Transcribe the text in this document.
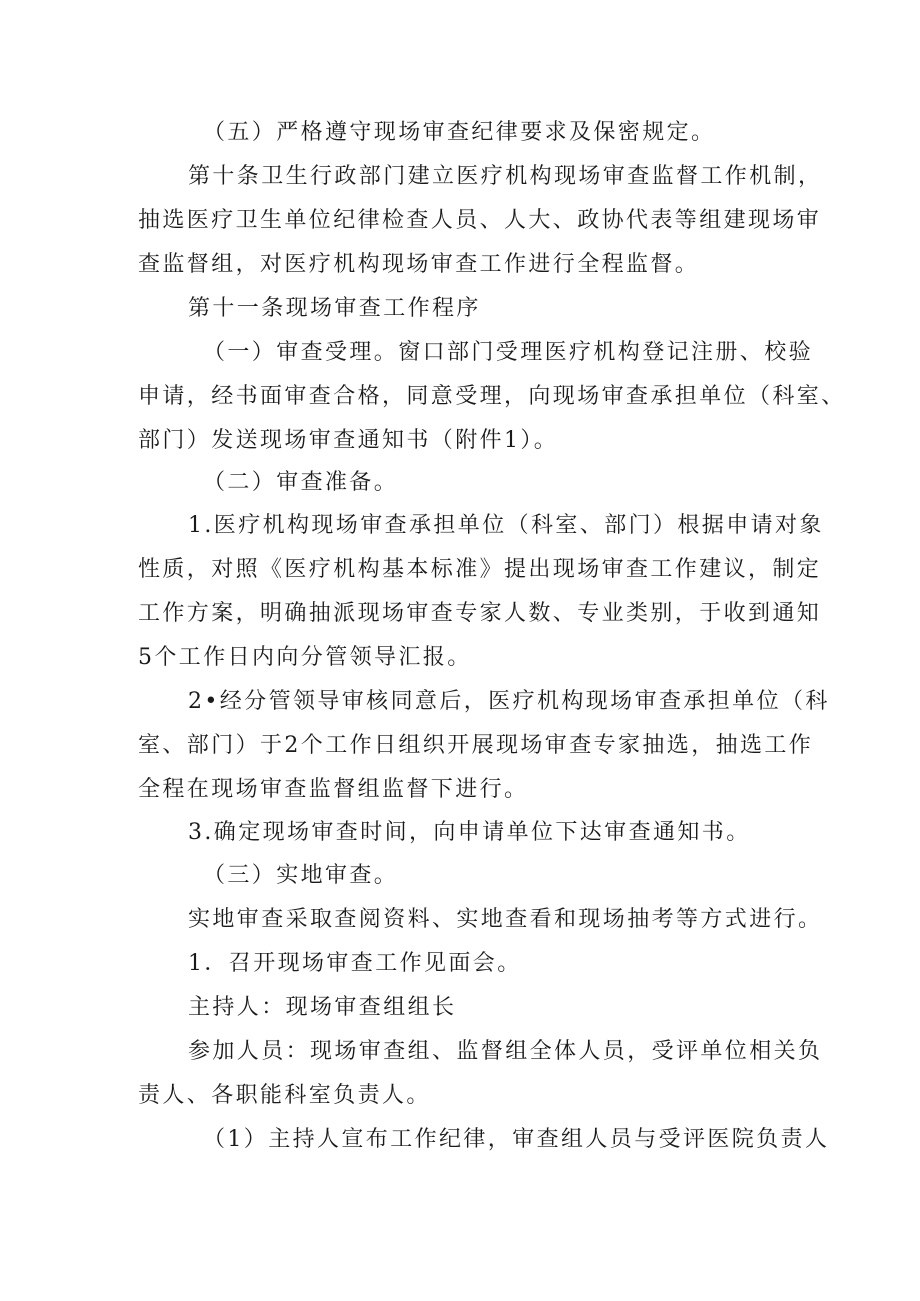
（五）严格遵守现场审查纪律要求及保密规定。
第十条卫生行政部门建立医疗机构现场审查监督工作机制，
抽选医疗卫生单位纪律检查人员、人大、政协代表等组建现场审
查监督组，对医疗机构现场审查工作进行全程监督。
第十一条现场审查工作程序
（一）审查受理。窗口部门受理医疗机构登记注册、校验
申请，经书面审查合格，同意受理，向现场审查承担单位（科室、
部门）发送现场审查通知书（附件1）。
（二）审查准备。
1.医疗机构现场审查承担单位（科室、部门）根据申请对象
性质，对照《医疗机构基本标准》提出现场审查工作建议，制定
工作方案，明确抽派现场审查专家人数、专业类别，于收到通知
5个工作日内向分管领导汇报。
2•经分管领导审核同意后，医疗机构现场审查承担单位（科
室、部门）于2个工作日组织开展现场审查专家抽选，抽选工作
全程在现场审查监督组监督下进行。
3.确定现场审查时间，向申请单位下达审查通知书。
（三）实地审查。
实地审查采取查阅资料、实地查看和现场抽考等方式进行。
1．召开现场审查工作见面会。
主持人：现场审查组组长
参加人员：现场审查组、监督组全体人员，受评单位相关负
责人、各职能科室负责人。
（1）主持人宣布工作纪律，审查组人员与受评医院负责人
